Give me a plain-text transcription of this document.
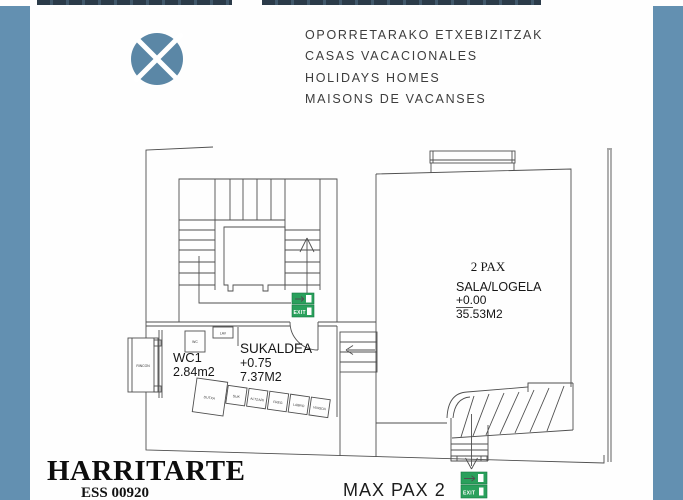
OPORRETARAKO ETXEBIZITZAK
CASAS VACACIONALES
HOLIDAYS HOMES
MAISONS DE VACANSES
EXIT
WC
LAV
RINCON
WC1
2.84m2
SUKALDEA
+0.75
7.37M2
DUTXA	SUK	ALTZARI	FREG
LABRO
VINGDA
2 PAX
SALA/LOGELA
+0.00
35.53M2
EXIT
HARRITARTE
ESS 00920	MAX PAX 2
